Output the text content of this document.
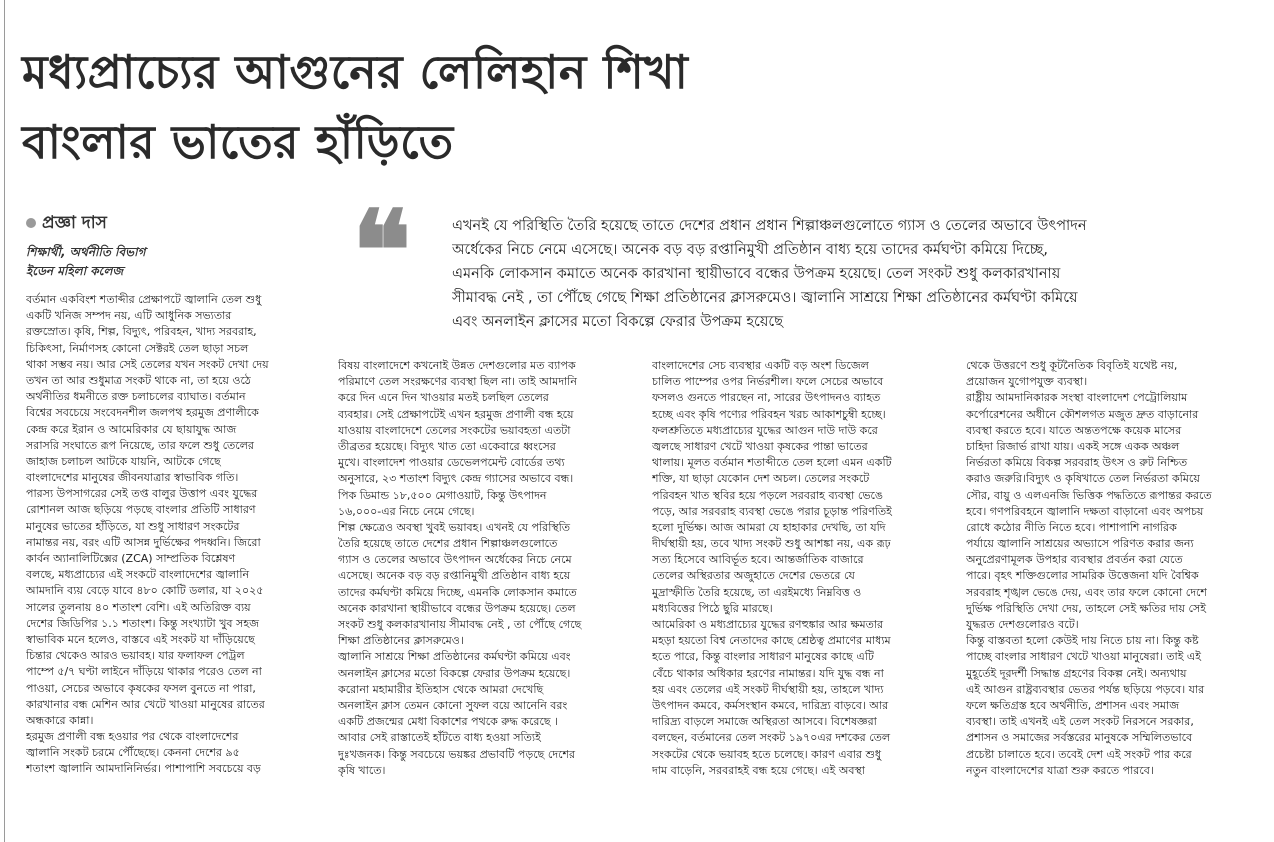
মধ্যপ্রাচ্যের আগুনের লেলিহান শিখা
বাংলার ভাতের হাঁড়িতে
প্রজ্ঞা দাস
শিক্ষার্থী, অর্থনীতি বিভাগ
ইডেন মহিলা কলেজ ❝	এখনই যে পরিস্থিতি তৈরি হয়েছে তাতে দেশের প্রধান প্রধান শিল্পাঞ্চলগুলোতে গ্যাস ও তেলের অভাবে উৎপাদন
অর্ধেকের নিচে নেমে এসেছে। অনেক বড় বড় রপ্তানিমুখী প্রতিষ্ঠান বাধ্য হয়ে তাদের কর্মঘণ্টা কমিয়ে দিচ্ছে,
এমনকি লোকসান কমাতে অনেক কারখানা স্থায়ীভাবে বন্ধের উপক্রম হয়েছে। তেল সংকট শুধু কলকারখানায়
সীমাবদ্ধ নেই , তা পৌঁছে গেছে শিক্ষা প্রতিষ্ঠানের ক্লাসরুমেও। জ্বালানি সাশ্রয়ে শিক্ষা প্রতিষ্ঠানের কর্মঘণ্টা কমিয়ে
এবং অনলাইন ক্লাসের মতো বিকল্পে ফেরার উপক্রম হয়েছে
বর্তমান একবিংশ শতাব্দীর প্রেক্ষাপটে জ্বালানি তেল শুধু
একটি খনিজ সম্পদ নয়, এটি আধুনিক সভ্যতার
রক্তস্রোত। কৃষি, শিল্প, বিদ্যুৎ, পরিবহন, খাদ্য সরবরাহ,
চিকিৎসা, নির্মাণসহ কোনো সেক্টরই তেল ছাড়া সচল
থাকা সম্ভব নয়। আর সেই তেলের যখন সংকট দেখা দেয়
তখন তা আর শুধুমাত্র সংকট থাকে না, তা হয়ে ওঠে
অর্থনীতির ধমনীতে রক্ত চলাচলের ব্যাঘাত। বর্তমান
বিশ্বের সবচেয়ে সংবেদনশীল জলপথ হরমুজ প্রণালীকে
কেন্দ্র করে ইরান ও আমেরিকার যে ছায়াযুদ্ধ আজ
সরাসরি সংঘাতে রূপ নিয়েছে, তার ফলে শুধু তেলের
জাহাজ চলাচল আটকে যায়নি, আটকে গেছে
বাংলাদেশের মানুষের জীবনযাত্রার স্বাভাবিক গতি।
পারস্য উপসাগরের সেই তপ্ত বালুর উত্তাপ এবং যুদ্ধের
রোশানল আজ ছড়িয়ে পড়ছে বাংলার প্রতিটি সাধারণ
মানুষের ভাতের হাঁড়িতে, যা শুধু সাধারণ সংকটের
নামান্তর নয়, বরং এটি আসন্ন দুর্ভিক্ষের পদধ্বনি। জিরো
কার্বন অ্যানালিটিক্সের (ZCA) সাম্প্রতিক বিশ্লেষণ
বলছে, মধ্যপ্রাচ্যের এই সংকটে বাংলাদেশের জ্বালানি
আমদানি ব্যয় বেড়ে যাবে ৪৮০ কোটি ডলার, যা ২০২৫
সালের তুলনায় ৪০ শতাংশ বেশি। এই অতিরিক্ত ব্যয়
দেশের জিডিপির ১.১ শতাংশ। কিন্তু সংখ্যাটা খুব সহজ
স্বাভাবিক মনে হলেও, বাস্তবে এই সংকট যা দাঁড়িয়েছে
চিন্তার থেকেও আরও ভয়াবহ। যার ফলাফল পেট্রল
পাম্পে ৫/৭ ঘণ্টা লাইনে দাঁড়িয়ে থাকার পরেও তেল না
পাওয়া, সেচের অভাবে কৃষকের ফসল বুনতে না পারা,
কারখানার বন্ধ মেশিন আর খেটে খাওয়া মানুষের রাতের
অন্ধকারে কান্না।
হরমুজ প্রণালী বন্ধ হওয়ার পর থেকে বাংলাদেশের
জ্বালানি সংকট চরমে পৌঁছেছে। কেননা দেশের ৯৫
শতাংশ জ্বালানি আমদানিনির্ভর। পাশাপাশি সবচেয়ে বড়
বিষয় বাংলাদেশে কখনোই উন্নত দেশগুলোর মত ব্যাপক
পরিমাণে তেল সংরক্ষণের ব্যবস্থা ছিল না। তাই আমদানি
করে দিন এনে দিন খাওয়ার মতই চলছিল তেলের
ব্যবহার। সেই প্রেক্ষাপটেই এখন হরমুজ প্রণালী বন্ধ হয়ে
যাওয়ায় বাংলাদেশে তেলের সংকটের ভয়াবহতা এতটা
তীব্রতর হয়েছে। বিদ্যুৎ খাত তো একেবারে ধ্বংসের
মুখে। বাংলাদেশ পাওয়ার ডেভেলপমেন্ট বোর্ডের তথ্য
অনুসারে, ২৩ শতাংশ বিদ্যুৎ কেন্দ্র গ্যাসের অভাবে বন্ধ।
পিক ডিমান্ড ১৮,৫০০ মেগাওয়াট, কিন্তু উৎপাদন
১৬,০০০-এর নিচে নেমে গেছে।
শিল্প ক্ষেত্রেও অবস্থা খুবই ভয়াবহ। এখনই যে পরিস্থিতি
তৈরি হয়েছে তাতে দেশের প্রধান শিল্পাঞ্চলগুলোতে
গ্যাস ও তেলের অভাবে উৎপাদন অর্ধেকের নিচে নেমে
এসেছে। অনেক বড় বড় রপ্তানিমুখী প্রতিষ্ঠান বাধ্য হয়ে
তাদের কর্মঘণ্টা কমিয়ে দিচ্ছে, এমনকি লোকসান কমাতে
অনেক কারখানা স্থায়ীভাবে বন্ধের উপক্রম হয়েছে। তেল
সংকট শুধু কলকারখানায় সীমাবদ্ধ নেই , তা পৌঁছে গেছে
শিক্ষা প্রতিষ্ঠানের ক্লাসরুমেও।
জ্বালানি সাশ্রয়ে শিক্ষা প্রতিষ্ঠানের কর্মঘণ্টা কমিয়ে এবং
অনলাইন ক্লাসের মতো বিকল্পে ফেরার উপক্রম হয়েছে।
করোনা মহামারীর ইতিহাস থেকে আমরা দেখেছি
অনলাইন ক্লাস তেমন কোনো সুফল বয়ে আনেনি বরং
একটি প্রজন্মের মেধা বিকাশের পথকে রুদ্ধ করেছে ।
আবার সেই রাস্তাতেই হাঁটতে বাধ্য হওয়া সত্যিই
দুঃখজনক। কিন্তু সবচেয়ে ভয়ঙ্কর প্রভাবটি পড়ছে দেশের
কৃষি খাতে।
বাংলাদেশের সেচ ব্যবস্থার একটি বড় অংশ ডিজেল
চালিত পাম্পের ওপর নির্ভরশীল। ফলে সেচের অভাবে
ফসলও গুনতে পারছেন না, সারের উৎপাদনও ব্যাহত
হচ্ছে এবং কৃষি পণ্যের পরিবহন খরচ আকাশচুম্বী হচ্ছে।
ফলশ্রুতিতে মধ্যপ্রাচ্যের যুদ্ধের আগুন দাউ দাউ করে
জ্বলছে সাধারণ খেটে খাওয়া কৃষকের পান্তা ভাতের
থালায়। মূলত বর্তমান শতাব্দীতে তেল হলো এমন একটি
শক্তি, যা ছাড়া যেকোন দেশ অচল। তেলের সংকটে
পরিবহন খাত স্থবির হয়ে পড়লে সরবরাহ ব্যবস্থা ভেঙে
পড়ে, আর সরবরাহ ব্যবস্থা ভেঙে পরার চূড়ান্ত পরিণতিই
হলো দুর্ভিক্ষ। আজ আমরা যে হাহাকার দেখছি, তা যদি
দীর্ঘস্থায়ী হয়, তবে খাদ্য সংকট শুধু আশঙ্কা নয়, এক রূঢ়
সত্য হিসেবে আবির্ভূত হবে। আন্তর্জাতিক বাজারে
তেলের অস্থিরতার অজুহাতে দেশের ভেতরে যে
মুদ্রাস্ফীতি তৈরি হয়েছে, তা এরইমধ্যে নিম্নবিত্ত ও
মধ্যবিত্তের পিঠে ছুরি মারছে।
আমেরিকা ও মধ্যপ্রাচ্যের যুদ্ধের রণহুঙ্কার আর ক্ষমতার
মহড়া হয়তো বিশ্ব নেতাদের কাছে শ্রেষ্ঠত্ব প্রমাণের মাধ্যম
হতে পারে, কিন্তু বাংলার সাধারণ মানুষের কাছে এটি
বেঁচে থাকার অধিকার হরণের নামান্তর। যদি যুদ্ধ বন্ধ না
হয় এবং তেলের এই সংকট দীর্ঘস্থায়ী হয়, তাহলে খাদ্য
উৎপাদন কমবে, কর্মসংস্থান কমবে, দারিদ্র্য বাড়বে। আর
দারিদ্র্য বাড়লে সমাজে অস্থিরতা আসবে। বিশেষজ্ঞরা
বলছেন, বর্তমানের তেল সংকট ১৯৭০এর দশকের তেল
সংকটের থেকে ভয়াবহ হতে চলেছে। কারণ এবার শুধু
দাম বাড়েনি, সরবরাহই বন্ধ হয়ে গেছে। এই অবস্থা
থেকে উত্তরণে শুধু কূটনৈতিক বিবৃতিই যথেষ্ট নয়,
প্রয়োজন যুগোপযুক্ত ব্যবস্থা।
রাষ্ট্রীয় আমদানিকারক সংস্থা বাংলাদেশ পেট্রোলিয়াম
কর্পোরেশনের অধীনে কৌশলগত মজুত দ্রুত বাড়ানোর
ব্যবস্থা করতে হবে। যাতে অন্ততপক্ষে কয়েক মাসের
চাহিদা রিজার্ভ রাখা যায়। একই সঙ্গে একক অঞ্চল
নির্ভরতা কমিয়ে বিকল্প সরবরাহ উৎস ও রুট নিশ্চিত
করাও জরুরি।বিদ্যুৎ ও কৃষিখাতে তেল নির্ভরতা কমিয়ে
সৌর, বায়ু ও এলএনজি ভিত্তিক পদ্ধতিতে রূপান্তর করতে
হবে। গণপরিবহনে জ্বালানি দক্ষতা বাড়ানো এবং অপচয়
রোধে কঠোর নীতি নিতে হবে। পাশাপাশি নাগরিক
পর্যায়ে জ্বালানি সাশ্রয়ের অভ্যাসে পরিণত করার জন্য
অনুপ্রেরণামূলক উপহার ব্যবস্থার প্রবর্তন করা যেতে
পারে। বৃহৎ শক্তিগুলোর সামরিক উত্তেজনা যদি বৈশ্বিক
সরবরাহ শৃঙ্খল ভেঙে দেয়, এবং তার ফলে কোনো দেশে
দুর্ভিক্ষ পরিস্থিতি দেখা দেয়, তাহলে সেই ক্ষতির দায় সেই
যুদ্ধরত দেশগুলোরও বটে।
কিন্তু বাস্তবতা হলো কেউই দায় নিতে চায় না। কিন্তু কষ্ট
পাচ্ছে বাংলার সাধারণ খেটে খাওয়া মানুষেরা। তাই এই
মুহূর্তেই দূরদর্শী সিদ্ধান্ত গ্রহণের বিকল্প নেই। অন্যথায়
এই আগুন রাষ্ট্রব্যবস্থার ভেতর পর্যন্ত ছড়িয়ে পড়বে। যার
ফলে ক্ষতিগ্রস্ত হবে অর্থনীতি, প্রশাসন এবং সমাজ
ব্যবস্থা। তাই এখনই এই তেল সংকট নিরসনে সরকার,
প্রশাসন ও সমাজের সর্বস্তরের মানুষকে সম্মিলিতভাবে
প্রচেষ্টা চালাতে হবে। তবেই দেশ এই সংকট পার করে
নতুন বাংলাদেশের যাত্রা শুরু করতে পারবে।
